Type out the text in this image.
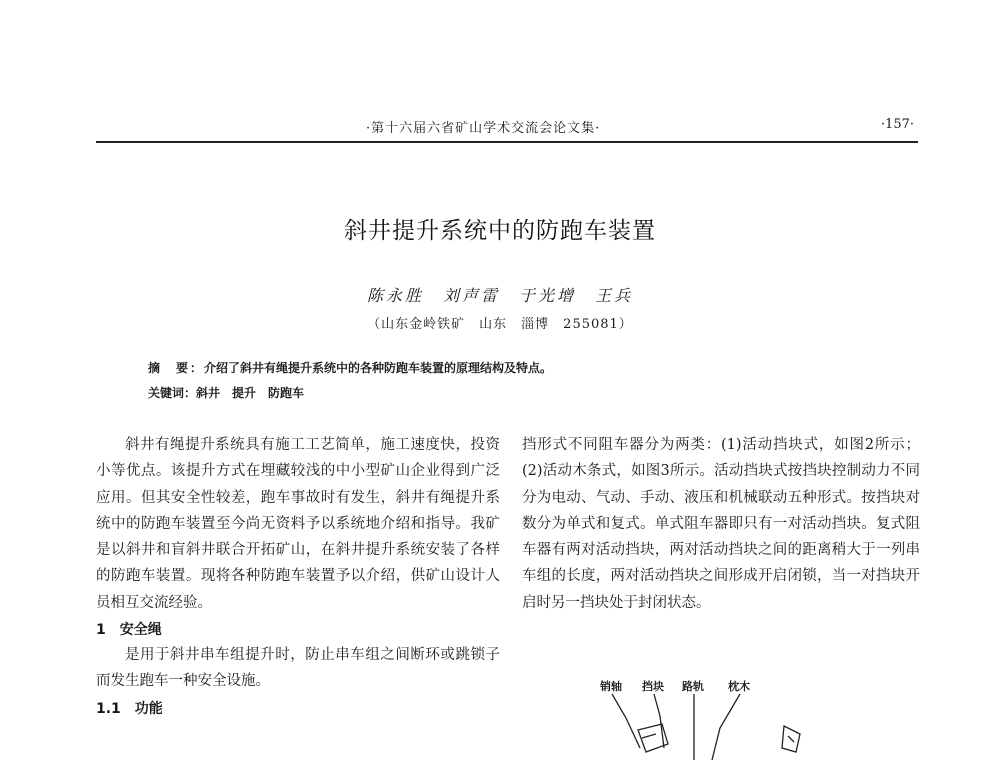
·第十六届六省矿山学术交流会论文集·	·157·
斜井提升系统中的防跑车装置
陈永胜　刘声雷　于光增　王兵
（山东金岭铁矿　山东　淄博　255081）
摘　要：介绍了斜井有绳提升系统中的各种防跑车装置的原理结构及特点。
关键词：斜井　提升　防跑车

斜井有绳提升系统具有施工工艺简单，施工速度快，投资小等优点。该提升方式在埋藏较浅的中小型矿山企业得到广泛应用。但其安全性较差，跑车事故时有发生，斜井有绳提升系统中的防跑车装置至今尚无资料予以系统地介绍和指导。我矿是以斜井和盲斜井联合开拓矿山，在斜井提升系统安装了各样的防跑车装置。现将各种防跑车装置予以介绍，供矿山设计人员相互交流经验。

1　安全绳

是用于斜井串车组提升时，防止串车组之间断环或跳锁子而发生跑车一种安全设施。

1.1　功能

挡形式不同阻车器分为两类：(1)活动挡块式，如图2所示；(2)活动木条式，如图3所示。活动挡块式按挡块控制动力不同分为电动、气动、手动、液压和机械联动五种形式。按挡块对数分为单式和复式。单式阻车器即只有一对活动挡块。复式阻车器有两对活动挡块，两对活动挡块之间的距离稍大于一列串车组的长度，两对活动挡块之间形成开启闭锁，当一对挡块开启时另一挡块处于封闭状态。

销轴 挡块 路轨 枕木
